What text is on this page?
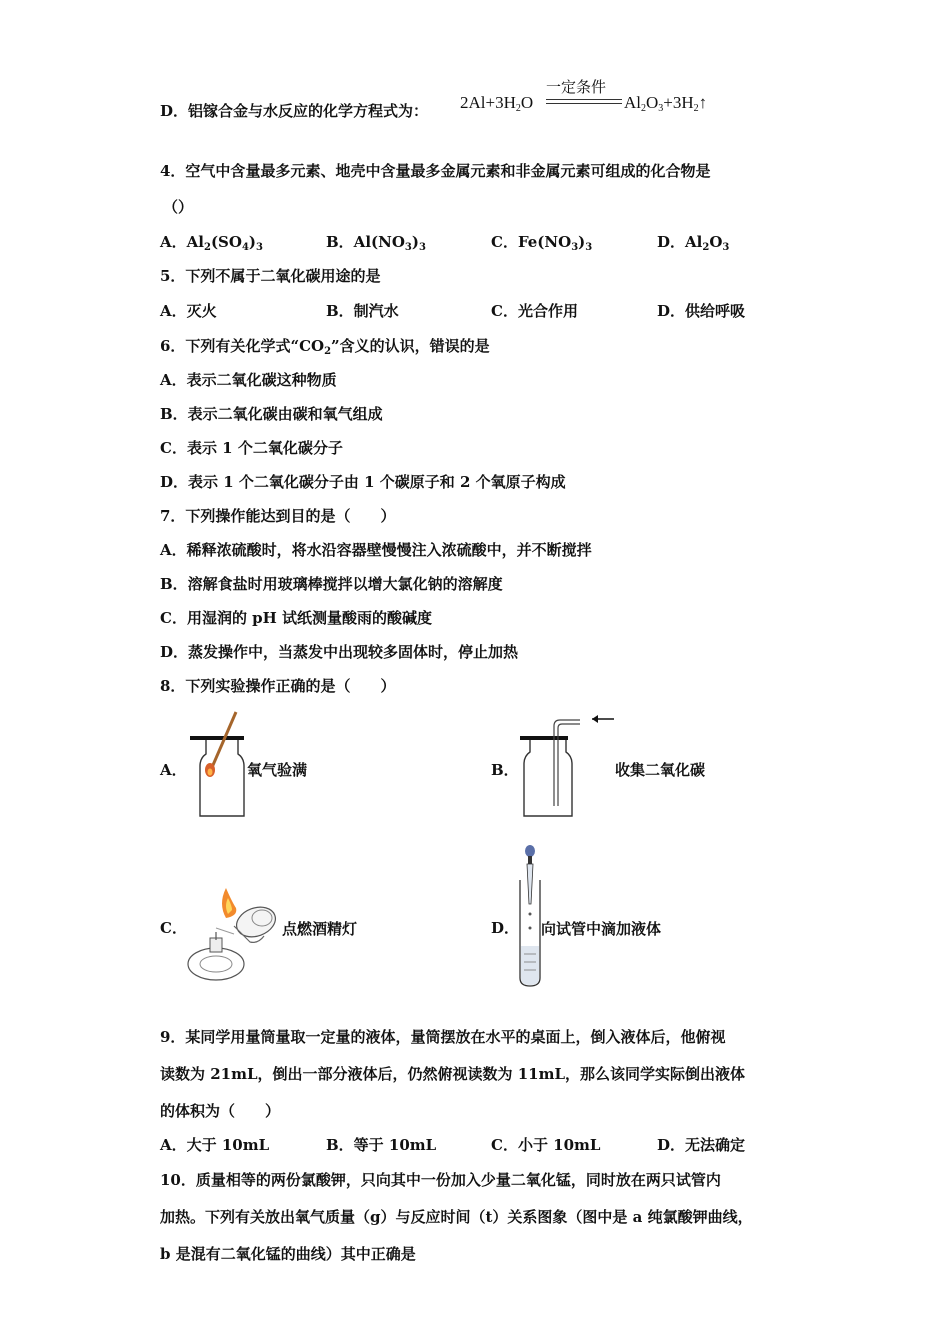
D．铝镓合金与水反应的化学方程式为： $2Al+3H_2O$
一定条件
$Al_2O_3+3H_2↑$
4．空气中含量最多元素、地壳中含量最多金属元素和非金属元素可组成的化合物是
（）
A．$Al_2(SO_4)_3$	B．$Al(NO_3)_3$	C．$Fe(NO_3)_3$	D．$Al_2O_3$
5．下列不属于二氧化碳用途的是
A．灭火	B．制汽水	C．光合作用	D．供给呼吸
6．下列有关化学式“$CO_2$”含义的认识，错误的是
A．表示二氧化碳这种物质
B．表示二氧化碳由碳和氧气组成
C．表示 1 个二氧化碳分子
D．表示 1 个二氧化碳分子由 1 个碳原子和 2 个氧原子构成
7．下列操作能达到目的是（　　）
A．稀释浓硫酸时，将水沿容器壁慢慢注入浓硫酸中，并不断搅拌
B．溶解食盐时用玻璃棒搅拌以增大氯化钠的溶解度
C．用湿润的 pH 试纸测量酸雨的酸碱度
D．蒸发操作中，当蒸发中出现较多固体时，停止加热
8．下列实验操作正确的是（　　）
A．	氧气验满	B．	收集二氧化碳
C．	点燃酒精灯	D． 向试管中滴加液体
9．某同学用量筒量取一定量的液体，量筒摆放在水平的桌面上，倒入液体后，他俯视
读数为 21mL，倒出一部分液体后，仍然俯视读数为 11mL，那么该同学实际倒出液体
的体积为（　　）
A．大于 10mL	B．等于 10mL	C．小于 10mL	D．无法确定
10．质量相等的两份氯酸钾，只向其中一份加入少量二氧化锰，同时放在两只试管内
加热。下列有关放出氧气质量（g）与反应时间（t）关系图象（图中是 a 纯氯酸钾曲线，
b 是混有二氧化锰的曲线）其中正确是
